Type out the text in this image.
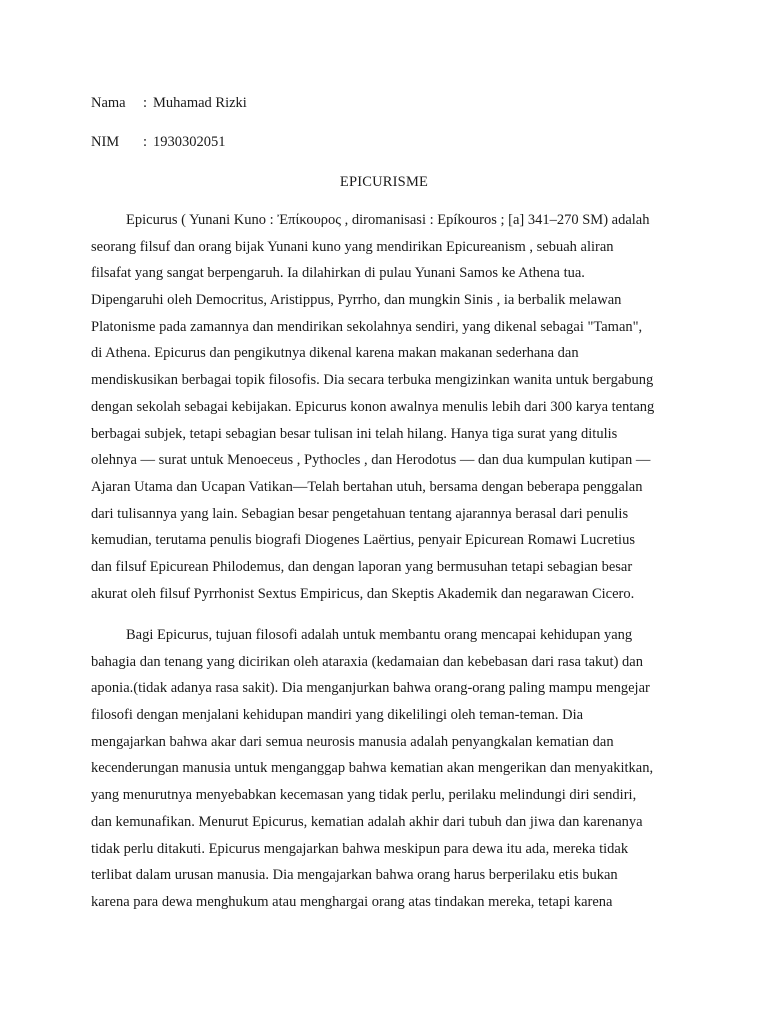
Nama : Muhamad Rizki
NIM : 1930302051
EPICURISME
Epicurus ( Yunani Kuno : Ἐπίκουρος , diromanisasi : Epíkouros ; [a] 341–270 SM) adalah
seorang filsuf dan orang bijak Yunani kuno yang mendirikan Epicureanism , sebuah aliran
filsafat yang sangat berpengaruh. Ia dilahirkan di pulau Yunani Samos ke Athena tua.
Dipengaruhi oleh Democritus, Aristippus, Pyrrho, dan mungkin Sinis , ia berbalik melawan
Platonisme pada zamannya dan mendirikan sekolahnya sendiri, yang dikenal sebagai "Taman",
di Athena. Epicurus dan pengikutnya dikenal karena makan makanan sederhana dan
mendiskusikan berbagai topik filosofis. Dia secara terbuka mengizinkan wanita untuk bergabung
dengan sekolah sebagai kebijakan. Epicurus konon awalnya menulis lebih dari 300 karya tentang
berbagai subjek, tetapi sebagian besar tulisan ini telah hilang. Hanya tiga surat yang ditulis
olehnya — surat untuk Menoeceus , Pythocles , dan Herodotus — dan dua kumpulan kutipan —
Ajaran Utama dan Ucapan Vatikan—Telah bertahan utuh, bersama dengan beberapa penggalan
dari tulisannya yang lain. Sebagian besar pengetahuan tentang ajarannya berasal dari penulis
kemudian, terutama penulis biografi Diogenes Laërtius, penyair Epicurean Romawi Lucretius
dan filsuf Epicurean Philodemus, dan dengan laporan yang bermusuhan tetapi sebagian besar
akurat oleh filsuf Pyrrhonist Sextus Empiricus, dan Skeptis Akademik dan negarawan Cicero.
Bagi Epicurus, tujuan filosofi adalah untuk membantu orang mencapai kehidupan yang
bahagia dan tenang yang dicirikan oleh ataraxia (kedamaian dan kebebasan dari rasa takut) dan
aponia.(tidak adanya rasa sakit). Dia menganjurkan bahwa orang-orang paling mampu mengejar
filosofi dengan menjalani kehidupan mandiri yang dikelilingi oleh teman-teman. Dia
mengajarkan bahwa akar dari semua neurosis manusia adalah penyangkalan kematian dan
kecenderungan manusia untuk menganggap bahwa kematian akan mengerikan dan menyakitkan,
yang menurutnya menyebabkan kecemasan yang tidak perlu, perilaku melindungi diri sendiri,
dan kemunafikan. Menurut Epicurus, kematian adalah akhir dari tubuh dan jiwa dan karenanya
tidak perlu ditakuti. Epicurus mengajarkan bahwa meskipun para dewa itu ada, mereka tidak
terlibat dalam urusan manusia. Dia mengajarkan bahwa orang harus berperilaku etis bukan
karena para dewa menghukum atau menghargai orang atas tindakan mereka, tetapi karena
